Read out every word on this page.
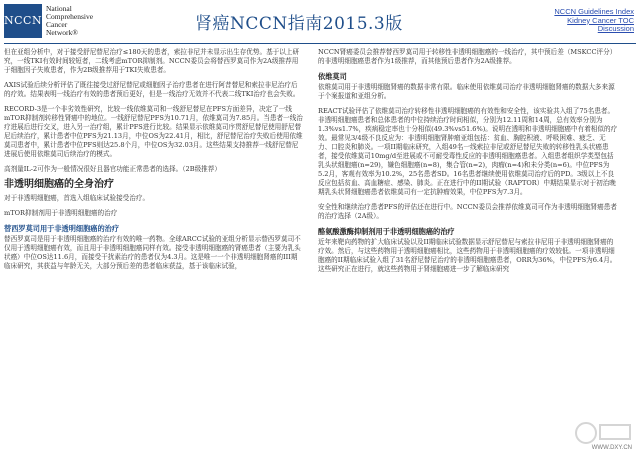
NCCN
National
Comprehensive
Cancer
Network®	肾癌NCCN指南2015.3版
NCCN Guidelines Index
Kidney Cancer TOC
Discussion

但在亚组分析中，对于接受舒尼替尼治疗≤180天的患者，索拉非尼并未显示出生存优势。基于以上研究，一线TKI有效时间较短者，二线考虑mTOR抑制剂。NCCN委员会将替西罗莫司作为2A级推荐用于细胞因子失败患者，作为2B级推荐用于TKI失败患者。

AXIS试验后续分析评估了既往接受过舒尼替尼或细胞因子治疗患者在进行阿昔替尼和索拉非尼治疗后的疗效。结果表明一线治疗有效的患者预后更好，但是一线治疗无效并不代表二线TKI治疗也会失败。

RECORD-3是一个非劣效性研究，比较一线依维莫司和一线舒尼替尼在PFS方面差异，决定了一线mTOR抑制剂转移性肾癌中的地位。一线舒尼替尼PFS为10.71月，依维莫司为7.85月。当患者一线治疗进展后进行交叉，进入另一治疗组，累计PFS进行比较。结果显示依维莫司序贯舒尼替尼使用舒尼替尼后续治疗，累计患者中位PFS为21.13月，中位OS为22.41月，相比，舒尼替尼治疗失败后使用依维莫司患者中，累计患者中位PFS则达25.8个月，中位OS为32.03月。这些结果支持推荐一线舒尼替尼进展后使用依维莫司后续治疗的模式。

高剂量IL-2可作为一般情况很好且器官功能正常患者的选择。（2B级推荐）

非透明细胞癌的全身治疗

对于非透明细胞癌，首选入组临床试验接受治疗。

mTOR抑制剂用于非透明细胞癌的治疗

替西罗莫司用于非透明细胞癌的治疗

替西罗莫司是用于非透明细胞癌的治疗有效的唯一药物。全球ARCC试验的亚组分析显示替西罗莫司不仅用于透明细胞癌有效，而且用于非透明细胞癌同样有效。接受非透明细胞癌的肾癌患者（主要为乳头状癌）中位OS达11.6月，而接受干扰素治疗的患者仅为4.3月。这是唯一一个非透明细胞肾癌的III期临床研究，其获益与年龄无关，大部分预后差的患者临床获益，基于该临床试验，

NCCN肾癌委员会推荐替西罗莫司用于转移性非透明细胞癌的一线治疗，其中预后差（MSKCC评分）的非透明细胞癌患者作为1级推荐，而其他预后患者作为2A级推荐。

依维莫司

依维莫司用于非透明细胞肾癌的数据非常有限。临床使用依维莫司治疗非透明细胞肾癌的数据大多来源于个案报道和亚组分析。

REACT试验评估了依维莫司治疗转移性非透明细胞癌的有效性和安全性，该实验共入组了75名患者。非透明细胞癌患者和总体患者的中位持续治疗时间相似，分别为12.11周和14周，总有效率分别为1.3%vs1.7%，疾病稳定率也十分相似(49.3%vs51.6%)。说明在透明和非透明细胞癌中有着相似的疗效。最常见3/4级不良反应为：非透明细胞肾肿瘤亚组包括：贫血、胸腔积液、呼吸困难、疲乏、无力、口腔炎和肺炎。一项II期临床研究，入组49名一线索拉非尼或舒尼替尼失败的转移性乳头状癌患者，接受依维莫司10mg/d至进展或不可耐受毒性反应的非透明细胞癌患者。入组患者组织学类型包括乳头状细胞癌(n=29)，嫌色细胞癌(n=8)，集合管(n=2)，肉瘤(n=4)和未分类(n=6)。中位PFS为5.2月，客观有效率为10.2%，25名患者SD。16名患者继续使用依维莫司治疗后的PD。3级以上不良反应包括贫血、高血糖症、感染、肺炎。正在进行中的II期试验（RAPTOR）中期结果显示对于初治晚期乳头状肾细胞癌患者依维莫司有一定抗肿瘤效果，中位PFS为7.3月。

安全性和继续治疗患者PFS的评估还在进行中。NCCN委员会推荐依维莫司可作为非透明细胞肾癌患者的治疗选择（2A级）。

酪氨酸激酶抑制剂用于非透明细胞癌的治疗

近年来靶向药物的扩大临床试验以及II期临床试验数据显示舒尼替尼与索拉非尼用于非透明细胞肾癌的疗效。然后，与这些药物用于透明细胞癌相比，这些药物用于非透明细胞癌的疗效较低。一项非透明细胞癌的II期临床试验入组了31名舒尼替尼治疗的非透明细胞癌患者，ORR为36%，中位PFS为6.4月。这些研究正在进行，就这些药物用于肾细胞癌进一步了解临床研究

WWW.DXY.CN
